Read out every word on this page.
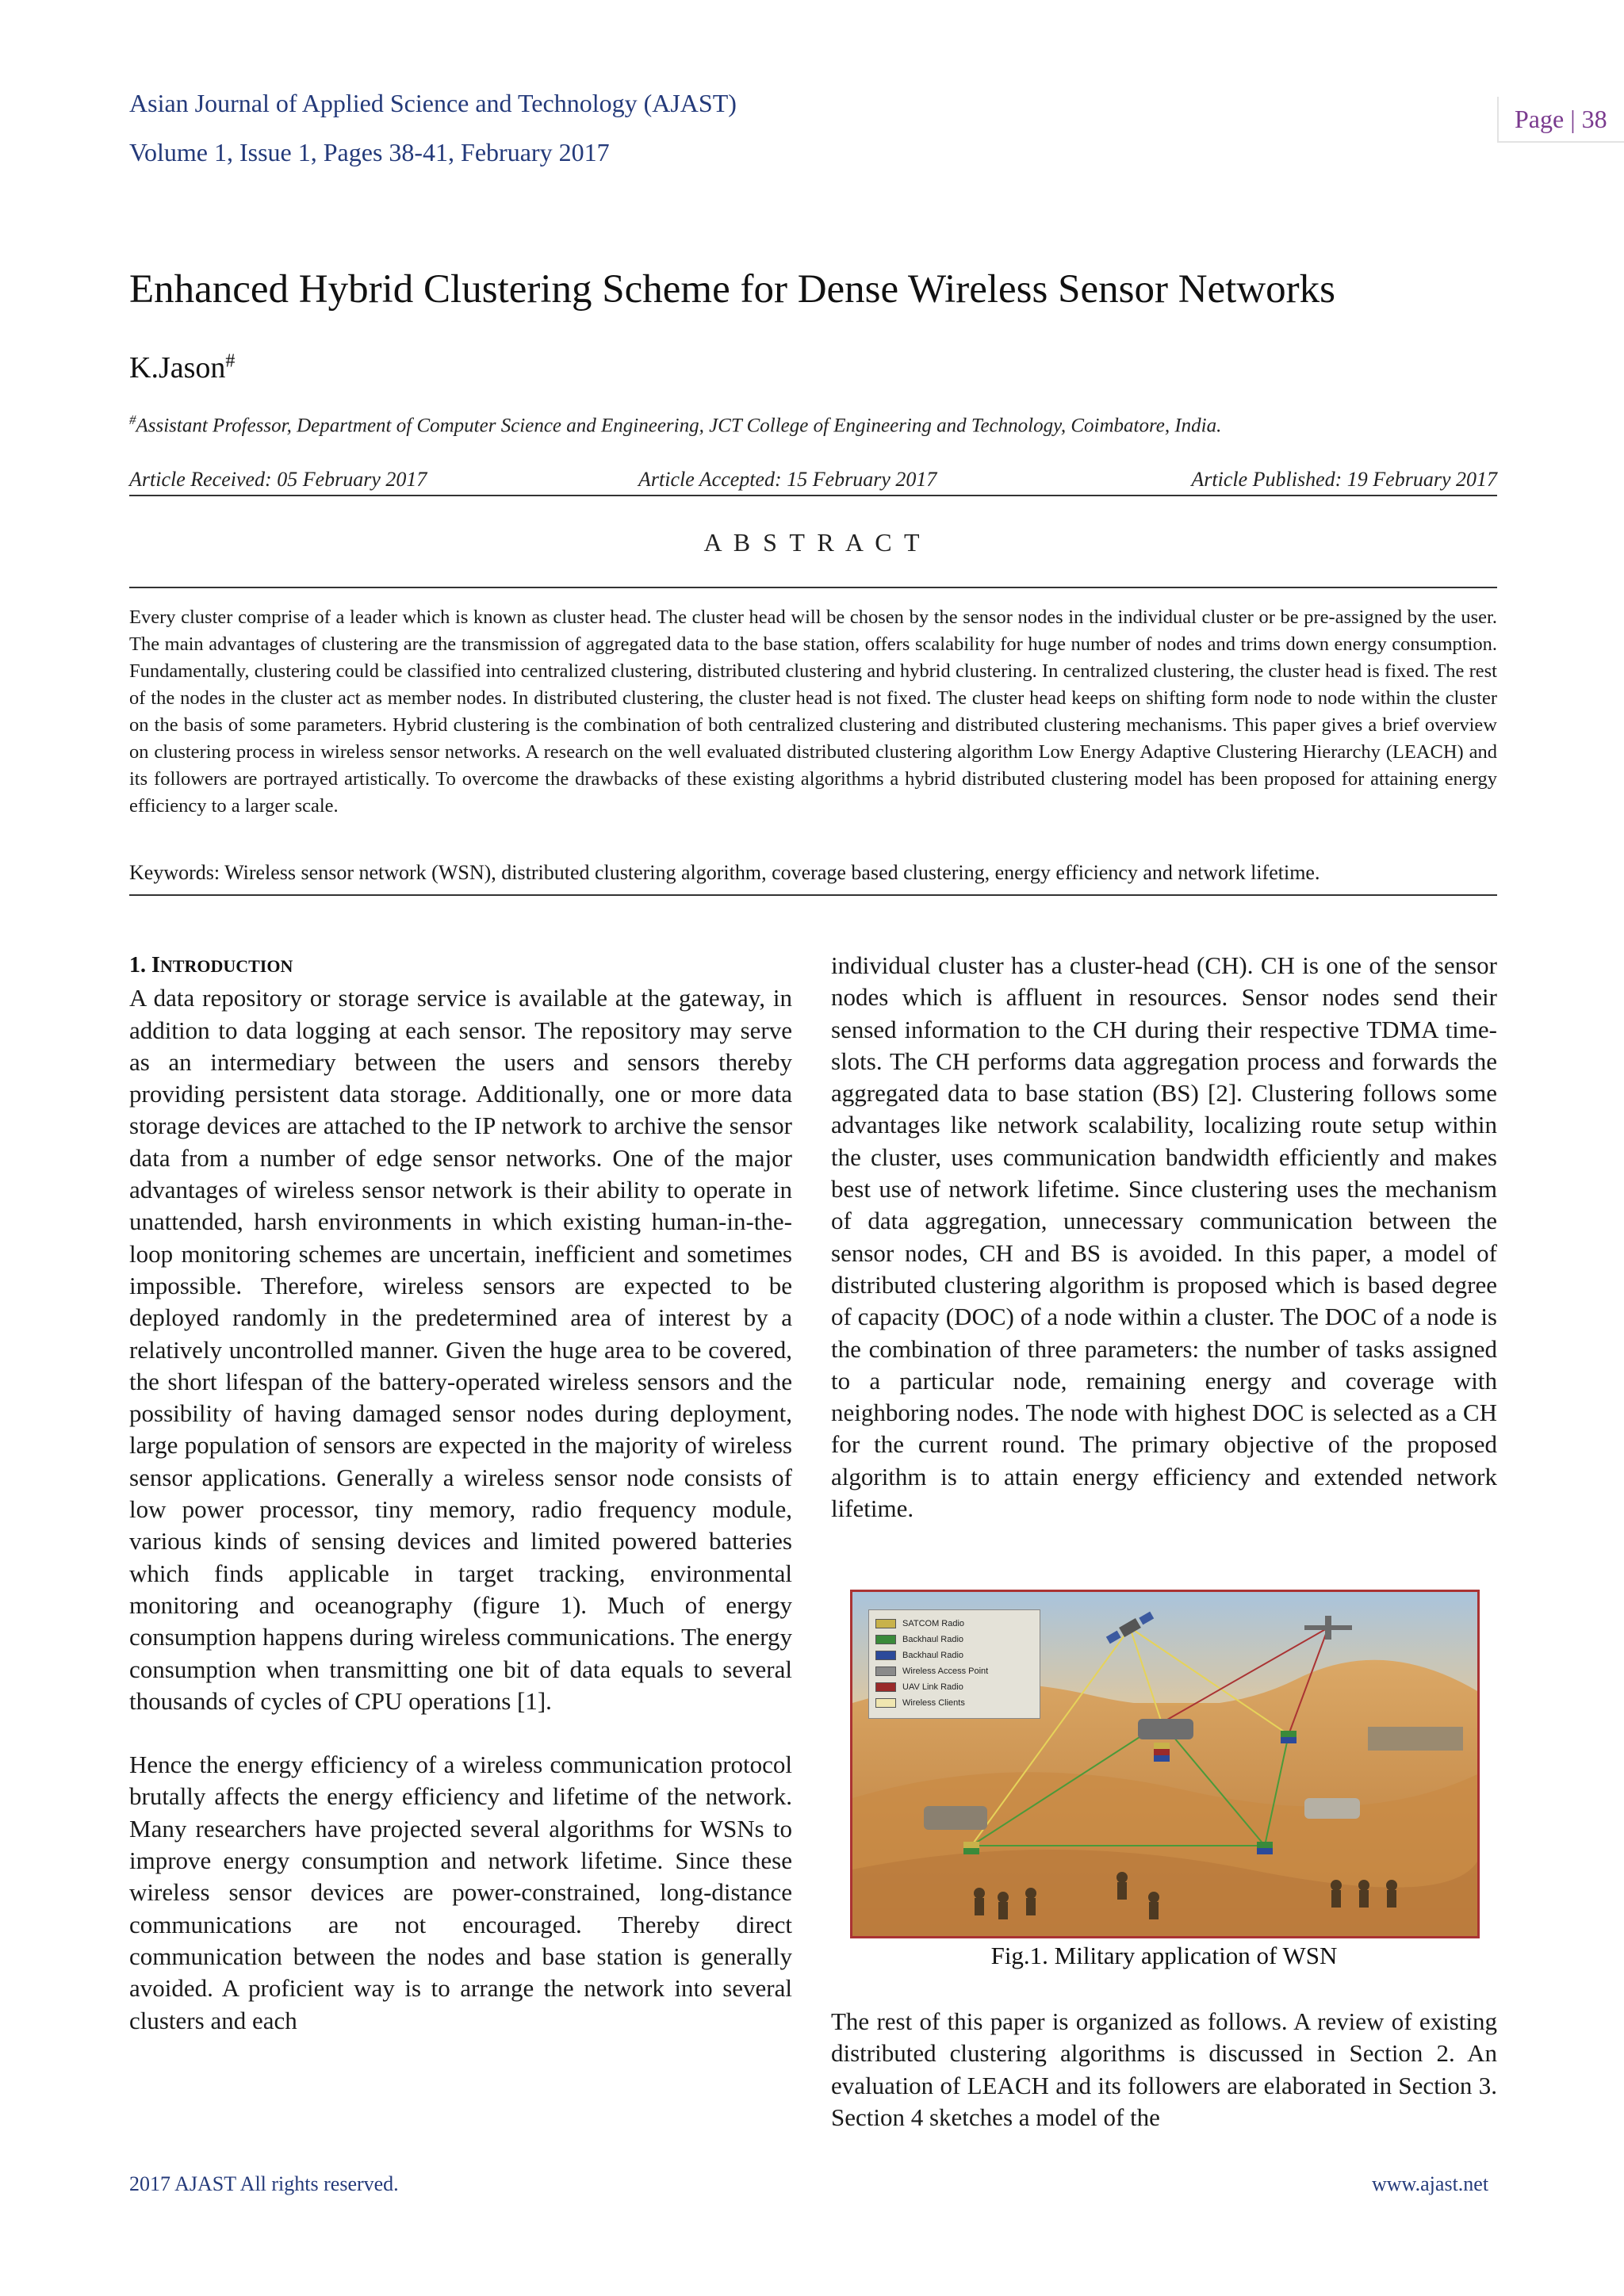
Asian Journal of Applied Science and Technology (AJAST)
Volume 1, Issue 1, Pages 38-41, February 2017
Page | 38
Enhanced Hybrid Clustering Scheme for Dense Wireless Sensor Networks
K.Jason#
#Assistant Professor, Department of Computer Science and Engineering, JCT College of Engineering and Technology, Coimbatore, India.
Article Received: 05 February 2017	Article Accepted: 15 February 2017	Article Published: 19 February 2017
A B S T R A C T
Every cluster comprise of a leader which is known as cluster head. The cluster head will be chosen by the sensor nodes in the individual cluster or be pre-assigned by the user. The main advantages of clustering are the transmission of aggregated data to the base station, offers scalability for huge number of nodes and trims down energy consumption. Fundamentally, clustering could be classified into centralized clustering, distributed clustering and hybrid clustering. In centralized clustering, the cluster head is fixed. The rest of the nodes in the cluster act as member nodes. In distributed clustering, the cluster head is not fixed. The cluster head keeps on shifting form node to node within the cluster on the basis of some parameters. Hybrid clustering is the combination of both centralized clustering and distributed clustering mechanisms. This paper gives a brief overview on clustering process in wireless sensor networks. A research on the well evaluated distributed clustering algorithm Low Energy Adaptive Clustering Hierarchy (LEACH) and its followers are portrayed artistically. To overcome the drawbacks of these existing algorithms a hybrid distributed clustering model has been proposed for attaining energy efficiency to a larger scale.
Keywords: Wireless sensor network (WSN), distributed clustering algorithm, coverage based clustering, energy efficiency and network lifetime.
1. INTRODUCTION

A data repository or storage service is available at the gateway, in addition to data logging at each sensor. The repository may serve as an intermediary between the users and sensors thereby providing persistent data storage. Additionally, one or more data storage devices are attached to the IP network to archive the sensor data from a number of edge sensor networks. One of the major advantages of wireless sensor network is their ability to operate in unattended, harsh environments in which existing human-in-the-loop monitoring schemes are uncertain, inefficient and sometimes impossible. Therefore, wireless sensors are expected to be deployed randomly in the predetermined area of interest by a relatively uncontrolled manner. Given the huge area to be covered, the short lifespan of the battery-operated wireless sensors and the possibility of having damaged sensor nodes during deployment, large population of sensors are expected in the majority of wireless sensor applications. Generally a wireless sensor node consists of low power processor, tiny memory, radio frequency module, various kinds of sensing devices and limited powered batteries which finds applicable in target tracking, environmental monitoring and oceanography (figure 1). Much of energy consumption happens during wireless communications. The energy consumption when transmitting one bit of data equals to several thousands of cycles of CPU operations [1].

Hence the energy efficiency of a wireless communication protocol brutally affects the energy efficiency and lifetime of the network. Many researchers have projected several algorithms for WSNs to improve energy consumption and network lifetime. Since these wireless sensor devices are power-constrained, long-distance communications are not encouraged. Thereby direct communication between the nodes and base station is generally avoided. A proficient way is to arrange the network into several clusters and each

individual cluster has a cluster-head (CH). CH is one of the sensor nodes which is affluent in resources. Sensor nodes send their sensed information to the CH during their respective TDMA time-slots. The CH performs data aggregation process and forwards the aggregated data to base station (BS) [2]. Clustering follows some advantages like network scalability, localizing route setup within the cluster, uses communication bandwidth efficiently and makes best use of network lifetime. Since clustering uses the mechanism of data aggregation, unnecessary communication between the sensor nodes, CH and BS is avoided. In this paper, a model of distributed clustering algorithm is proposed which is based degree of capacity (DOC) of a node within a cluster. The DOC of a node is the combination of three parameters: the number of tasks assigned to a particular node, remaining energy and coverage with neighboring nodes. The node with highest DOC is selected as a CH for the current round. The primary objective of the proposed algorithm is to attain energy efficiency and extended network lifetime.

SATCOM Radio
Backhaul Radio
Backhaul Radio
Wireless Access Point
UAV Link Radio
Wireless Clients
Fig.1. Military application of WSN

The rest of this paper is organized as follows. A review of existing distributed clustering algorithms is discussed in Section 2. An evaluation of LEACH and its followers are elaborated in Section 3. Section 4 sketches a model of the

2017 AJAST All rights reserved.	www.ajast.net
